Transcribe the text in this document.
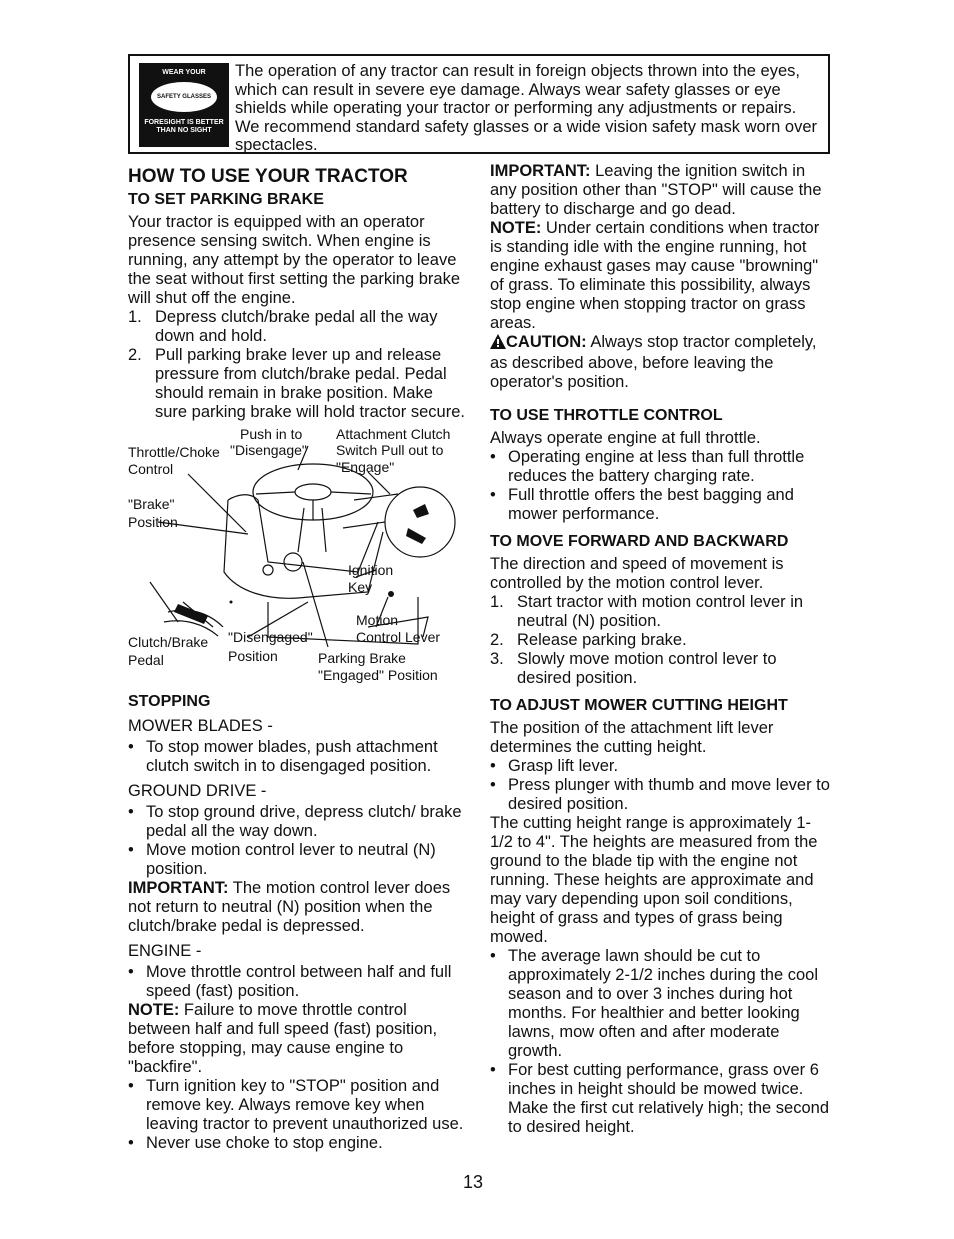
WEAR YOUR
SAFETY GLASSES
FORESIGHT IS BETTER THAN NO SIGHT
The operation of any tractor can result in foreign objects thrown into the eyes, which can result in severe eye damage. Always wear safety glasses or eye shields while operating your tractor or performing any adjustments or repairs. We recommend standard safety glasses or a wide vision safety mask worn over spectacles.
HOW TO USE YOUR TRACTOR
TO SET PARKING BRAKE

Your tractor is equipped with an operator presence sensing switch. When engine is running, any attempt by the operator to leave the seat without first setting the parking brake will shut off the engine.

1. Depress clutch/brake pedal all the way down and hold.
2. Pull parking brake lever up and release pressure from clutch/brake pedal. Pedal should remain in brake position. Make sure parking brake will hold tractor secure.
Push in to Attachment Clutch
Throttle/Choke "Disengage" Switch Pull out to
Control	"Engage"
"Brake"
Position
Ignition
Key
Motion
Clutch/Brake "Disengaged"	Control Lever
Pedal	Position	Parking Brake
"Engaged" Position
STOPPING

MOWER BLADES -

• To stop mower blades, push attachment clutch switch in to disengaged position.

GROUND DRIVE -

• To stop ground drive, depress clutch/ brake pedal all the way down.
• Move motion control lever to neutral (N) position.

IMPORTANT: The motion control lever does not return to neutral (N) position when the clutch/brake pedal is depressed.

ENGINE -

• Move throttle control between half and full speed (fast) position.

NOTE: Failure to move throttle control between half and full speed (fast) position, before stopping, may cause engine to "backfire".

• Turn ignition key to "STOP" position and remove key. Always remove key when leaving tractor to prevent unauthorized use.
• Never use choke to stop engine.

IMPORTANT: Leaving the ignition switch in any position other than "STOP" will cause the battery to discharge and go dead.

NOTE: Under certain conditions when tractor is standing idle with the engine running, hot engine exhaust gases may cause "browning" of grass. To eliminate this possibility, always stop engine when stopping tractor on grass areas.

CAUTION: Always stop tractor completely, as described above, before leaving the operator's position.

TO USE THROTTLE CONTROL

Always operate engine at full throttle.

• Operating engine at less than full throttle reduces the battery charging rate.
• Full throttle offers the best bagging and mower performance.
TO MOVE FORWARD AND BACKWARD

The direction and speed of movement is controlled by the motion control lever.

1. Start tractor with motion control lever in neutral (N) position.
2. Release parking brake.
3. Slowly move motion control lever to desired position.
TO ADJUST MOWER CUTTING HEIGHT

The position of the attachment lift lever determines the cutting height.

• Grasp lift lever.
• Press plunger with thumb and move lever to desired position.

The cutting height range is approximately 1-1/2 to 4". The heights are measured from the ground to the blade tip with the engine not running. These heights are approximate and may vary depending upon soil conditions, height of grass and types of grass being mowed.

• The average lawn should be cut to approximately 2-1/2 inches during the cool season and to over 3 inches during hot months. For healthier and better looking lawns, mow often and after moderate growth.
• For best cutting performance, grass over 6 inches in height should be mowed twice. Make the first cut relatively high; the second to desired height.
13
